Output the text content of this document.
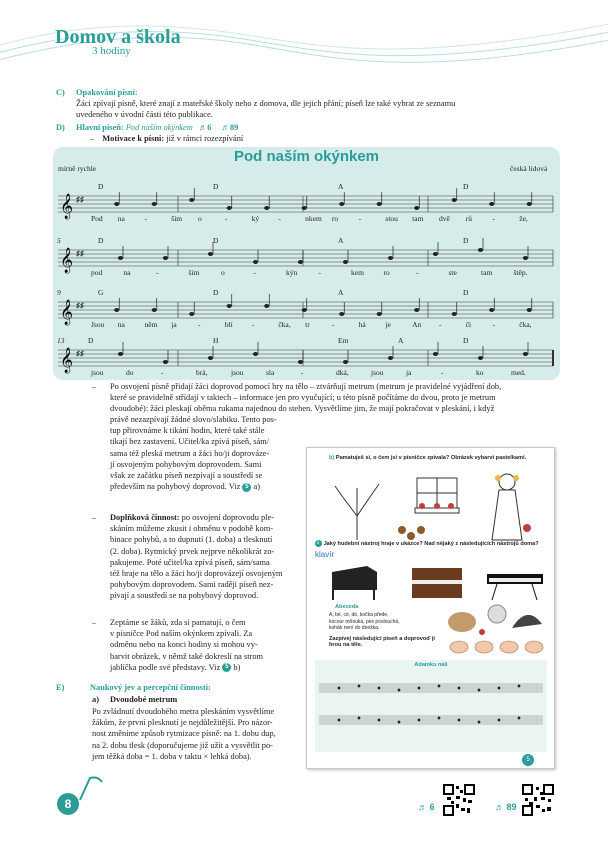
Domov a škola
3 hodiny
C) Opakování písní:
Žáci zpívají písně, které znají z mateřské školy nebo z domova, dle jejich přání; píseň lze také vybrat ze seznamu
uvedeného v úvodní části této publikace.
D) Hlavní píseň: Pod naším okýnkem ♬6 ♬89
– Motivace k písni: již v rámci rozezpívání
Pod naším okýnkem
mírně rychle	česká lidová
𝄞 ♯♯
𝄞 ♯♯
𝄞 ♯♯
𝄞 ♯♯
D	D	A	D
Pod na	-	šim o	-	ký	-	nkem ro	-	stou tam dvě rů	-	že,
5	D	D	A	D
pod	na	-	šim	o	-	kýn	-	kem	ro	-	ste	tam	štěp.
9	G	D	A	D
Jsou na	něm ja	-	blí	-	čka, tr	-	há	je	An -	či	-	čka,
13	D	H	Em	A	D
jsou	do	-	brá,	jsou	sla	-	dká,	jsou	ja	-	ko	med.
– Po osvojení písně přidají žáci doprovod pomocí hry na tělo – ztvárňují metrum (metrum je pravidelné vyjádření dob,
které se pravidelně střídají v taktech – informace jen pro vyučující; u této písně počítáme do dvou, proto je metrum
dvoudobé): žáci pleskají oběma rukama najednou do stehen. Vysvětlíme jim, že mají pokračovat v pleskání, i když
právě nezazpívají žádné slovo/slabiku. Tento pos-
tup přirovnáme k tikání hodin, které také stále
tikají bez zastavení. Učitel/ka zpívá píseň, sám/
sama též pleská metrum a žáci ho/ji doprováze-
jí osvojeným pohybovým doprovodem. Sami
však ze začátku píseň nezpívají a soustředí se
především na pohybový doprovod. Viz 5 a)
– Doplňková činnost: po osvojení doprovodu ple-
skáním můžeme zkusit i obměnu v podobě kom-
binace pohybů, a to dupnutí (1. doba) a tlesknutí
(2. doba). Rytmický prvek nejprve několikrát zo-
pakujeme. Poté učitel/ka zpívá píseň, sám/sama
též hraje na tělo a žáci ho/ji doprovázejí osvojeným
pohybovým doprovodem. Sami raději píseň nez-
pívají a soustředí se na pohybový doprovod.
– Zeptáme se žáků, zda si pamatují, o čem
v písničce Pod naším okýnkem zpívali. Za
odměnu nebo na konci hodiny si mohou vy-
barvit obrázek, v němž také dokreslí na strom
jablíčka podle své představy. Viz 5 b)
E)	Naukový jev a percepční činnosti:
a) Dvoudobé metrum
Po zvládnutí dvoudobého metra pleskáním vysvětlíme
žákům, že první plesknutí je nejdůležitější. Pro názor-
nost změníme způsob rytmizace písně: na 1. dobu dup,
na 2. dobu tlesk (doporučujeme již užít a vysvětlit po-
jem těžká doba = 1. doba v taktu × lehká doba).
b) Pamatuješ si, o čem jsi v písničce zpívala? Obrázek vybarvi pastelkami.
♬ Jaký hudební nástroj hraje v ukázce? Nad nějaký z následujících nástrojů doma?
klavír
Abeceda
A, bé, cé, dé, kočka přede,
kocour mňouká, pes poslouchá,
kohák není do dneška.
Zazpívej následující píseň a doprovoď ji hrou na těle.
Adamku náš
5
8	♬ 6	♬ 89
